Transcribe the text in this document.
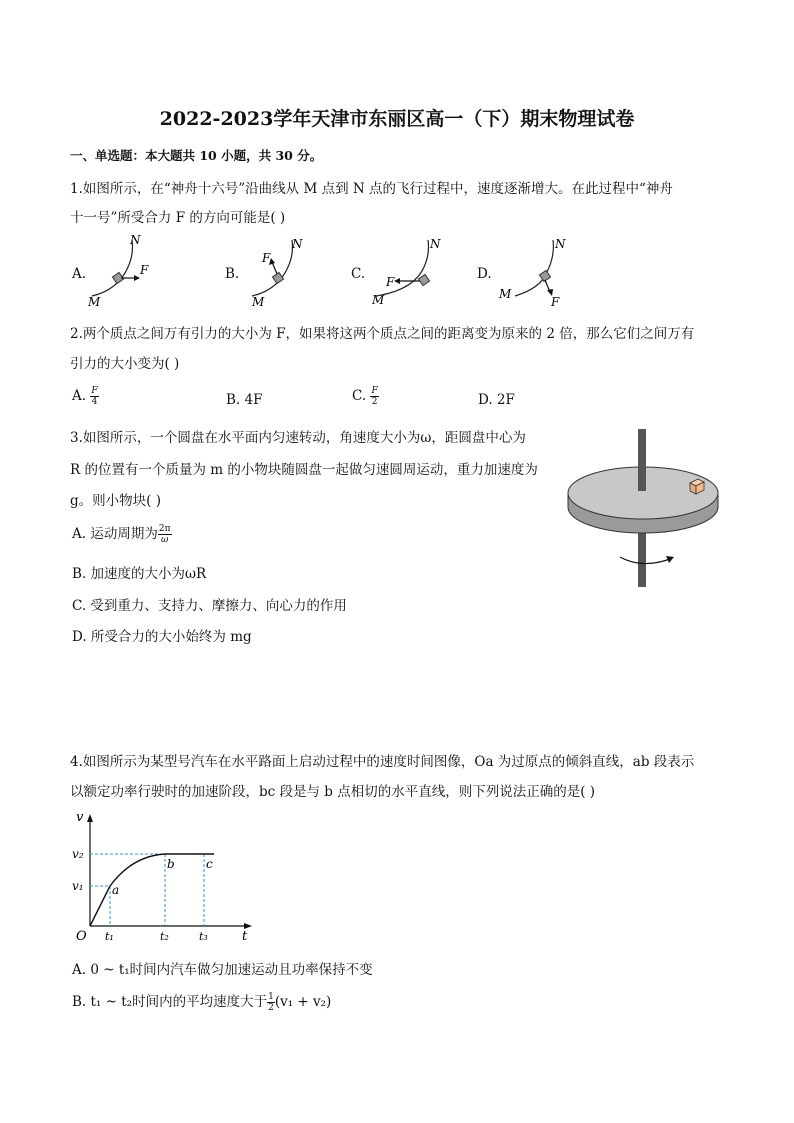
2022-2023学年天津市东丽区高一（下）期末物理试卷
一、单选题：本大题共 10 小题，共 30 分。
1.如图所示，在“神舟十六号”沿曲线从 M 点到 N 点的飞行过程中，速度逐渐增大。在此过程中“神舟
十一号”所受合力 F 的方向可能是( )
A.	F
M
N
B.
F
M
N
C. F
M
N
D.
F
M
N
2.两个质点之间万有引力的大小为 F，如果将这两个质点之间的距离变为原来的 2 倍，那么它们之间万有
引力的大小变为( )
A. $\frac{F}{4}$	B. 4F	C. $\frac{F}{2}$	D. 2F
3.如图所示，一个圆盘在水平面内匀速转动，角速度大小为ω，距圆盘中心为
R 的位置有一个质量为 m 的小物块随圆盘一起做匀速圆周运动，重力加速度为
g。则小物块( )
A. 运动周期为 $\frac{2\pi}{\omega}$
B. 加速度的大小为ωR
C. 受到重力、支持力、摩擦力、向心力的作用
D. 所受合力的大小始终为 mg
4.如图所示为某型号汽车在水平路面上启动过程中的速度时间图像，Oa 为过原点的倾斜直线，ab 段表示
以额定功率行驶时的加速阶段，bc 段是与 b 点相切的水平直线，则下列说法正确的是( )
v
t
O
v₂
v₁ a
b	c
t₁	t₂	t₃
A. 0 ~ t₁时间内汽车做匀加速运动且功率保持不变
B. t₁ ~ t₂时间内的平均速度大于 $\frac{1}{2} (v_1 + v_2)$
